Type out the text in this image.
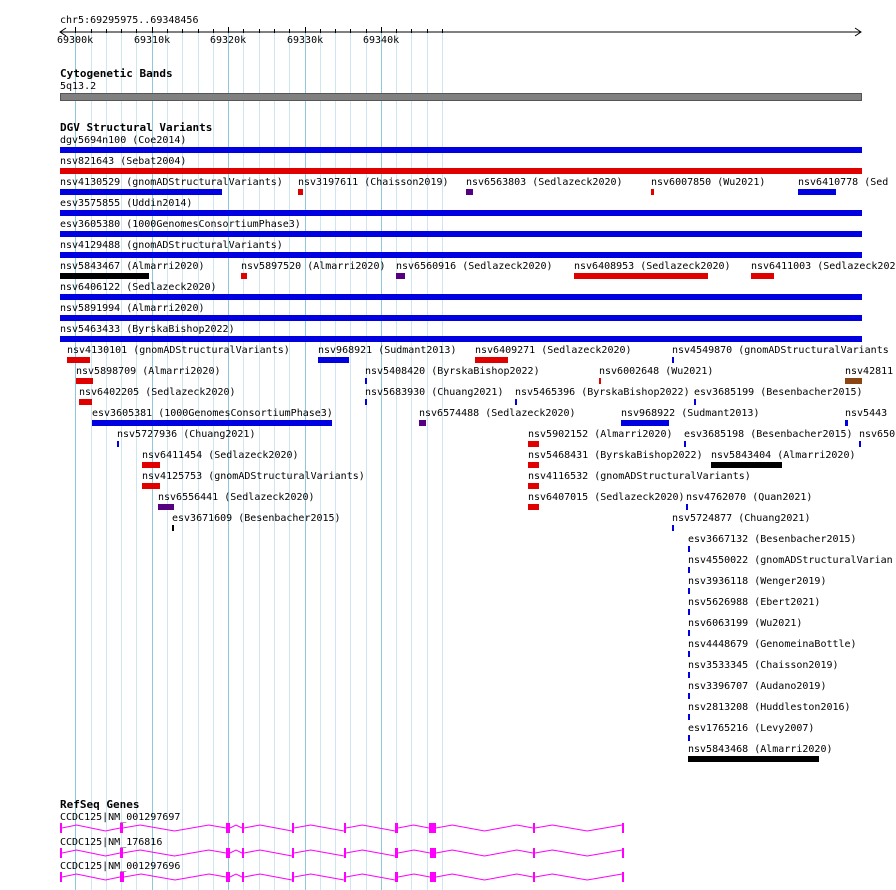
chr5:69295975..69348456
69300k	69310k	69320k	69330k	69340k
Cytogenetic Bands
5q13.2
DGV Structural Variants
dgv5694n100 (Coe2014)
nsv821643 (Sebat2004)
nsv4130529 (gnomADStructuralVariants) nsv3197611 (Chaisson2019) nsv6563803 (Sedlazeck2020)	nsv6007850 (Wu2021)	nsv6410778 (Sed
esv3575855 (Uddin2014)
esv3605380 (1000GenomesConsortiumPhase3)
nsv4129488 (gnomADStructuralVariants)
nsv5843467 (Almarri2020)	nsv5897520 (Almarri2020) nsv6560916 (Sedlazeck2020) nsv6408953 (Sedlazeck2020) nsv6411003 (Sedlazeck202
nsv6406122 (Sedlazeck2020)
nsv5891994 (Almarri2020)
nsv5463433 (ByrskaBishop2022)
nsv4130101 (gnomADStructuralVariants)	nsv968921 (Sudmant2013) nsv6409271 (Sedlazeck2020)	nsv4549870 (gnomADStructuralVariants
nsv5898709 (Almarri2020)	nsv5408420 (ByrskaBishop2022)	nsv6002648 (Wu2021)	nsv42811
nsv6402205 (Sedlazeck2020)	nsv5683930 (Chuang2021) nsv5465396 (ByrskaBishop2022) esv3685199 (Besenbacher2015)
esv3605381 (1000GenomesConsortiumPhase3)	nsv6574488 (Sedlazeck2020)	nsv968922 (Sudmant2013)	nsv5443
nsv5727936 (Chuang2021)	nsv5902152 (Almarri2020) esv3685198 (Besenbacher2015) nsv650
nsv6411454 (Sedlazeck2020)	nsv5468431 (ByrskaBishop2022) nsv5843404 (Almarri2020)
nsv4125753 (gnomADStructuralVariants)	nsv4116532 (gnomADStructuralVariants)
nsv6556441 (Sedlazeck2020)	nsv6407015 (Sedlazeck2020) nsv4762070 (Quan2021)
esv3671609 (Besenbacher2015)	nsv5724877 (Chuang2021)
esv3667132 (Besenbacher2015)
nsv4550022 (gnomADStructuralVarian
nsv3936118 (Wenger2019)
nsv5626988 (Ebert2021)
nsv6063199 (Wu2021)
nsv4448679 (GenomeinaBottle)
nsv3533345 (Chaisson2019)
nsv3396707 (Audano2019)
nsv2813208 (Huddleston2016)
esv1765216 (Levy2007)
nsv5843468 (Almarri2020)
RefSeq Genes
CCDC125|NM_001297697
CCDC125|NM_176816
CCDC125|NM_001297696
